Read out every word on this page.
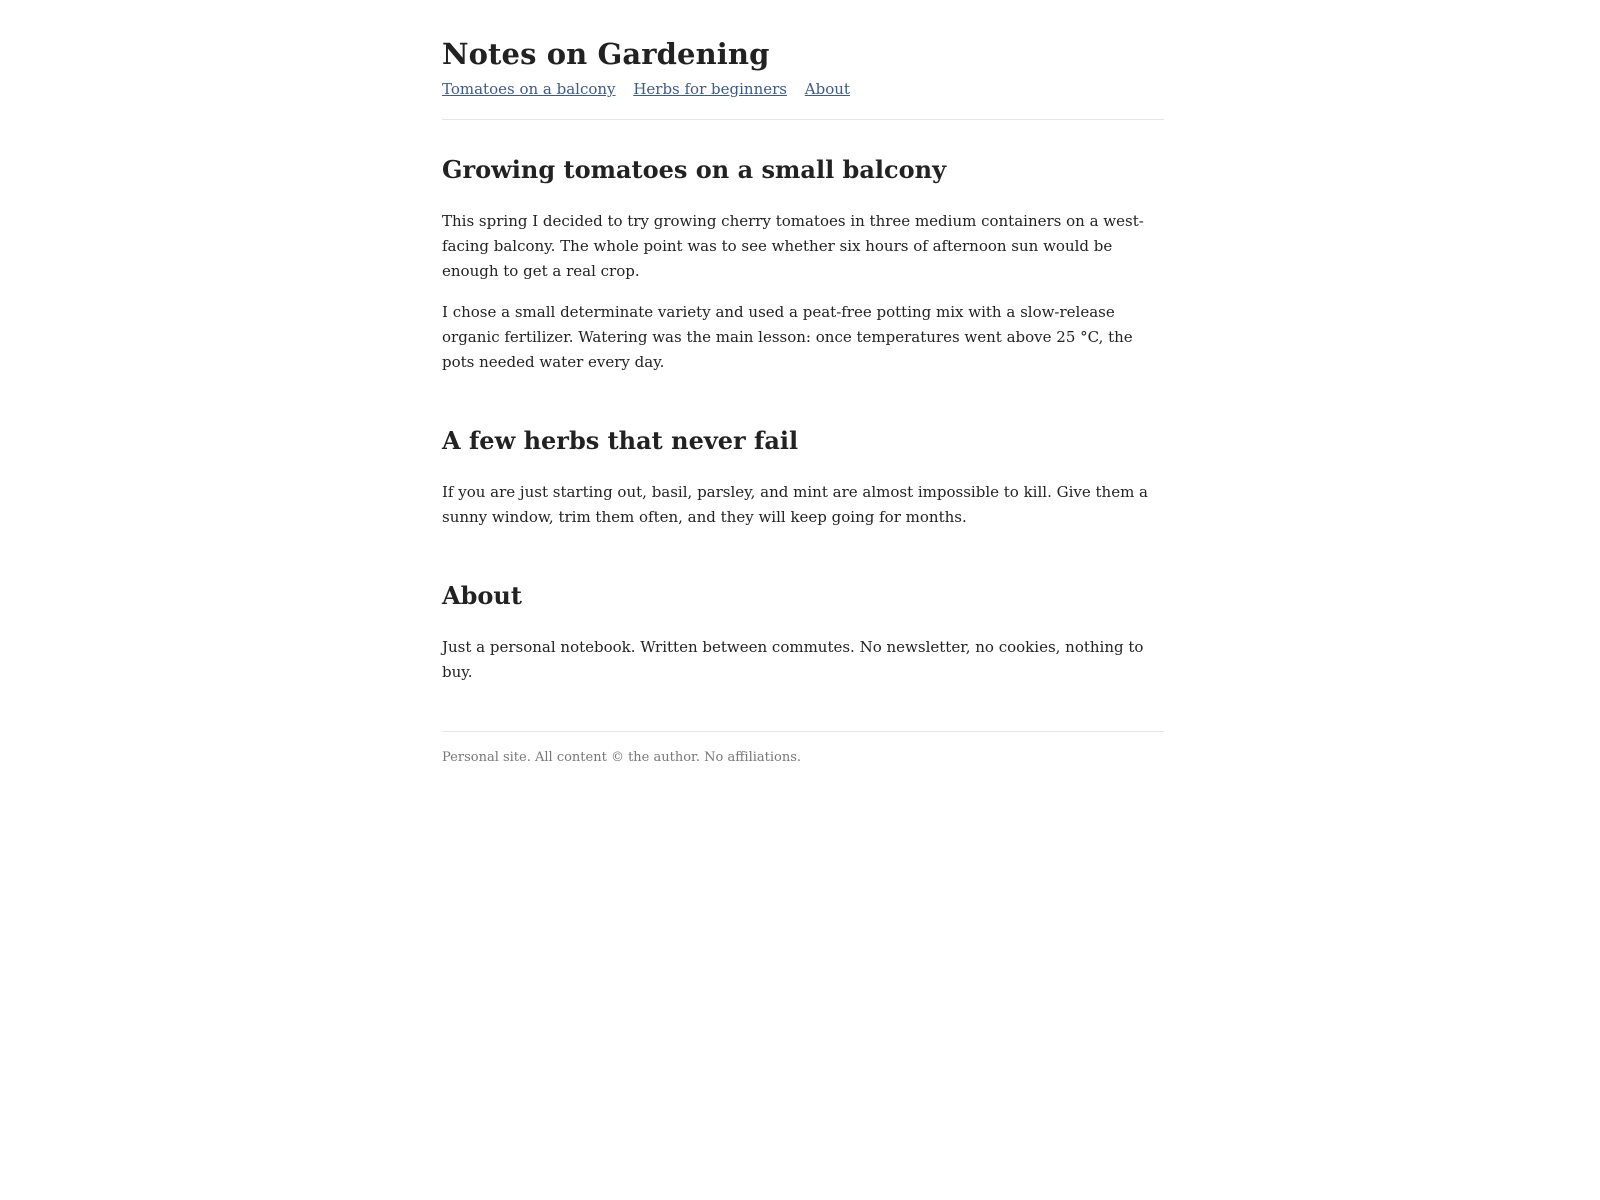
Notes on Gardening
Tomatoes on a balcony Herbs for beginners About
Growing tomatoes on a small balcony

This spring I decided to try growing cherry tomatoes in three medium containers on a west-facing balcony. The whole point was to see whether six hours of afternoon sun would be enough to get a real crop.

I chose a small determinate variety and used a peat-free potting mix with a slow-release organic fertilizer. Watering was the main lesson: once temperatures went above 25 °C, the pots needed water every day.

A few herbs that never fail

If you are just starting out, basil, parsley, and mint are almost impossible to kill. Give them a sunny window, trim them often, and they will keep going for months.

About

Just a personal notebook. Written between commutes. No newsletter, no cookies, nothing to buy.

Personal site. All content © the author. No affiliations.
